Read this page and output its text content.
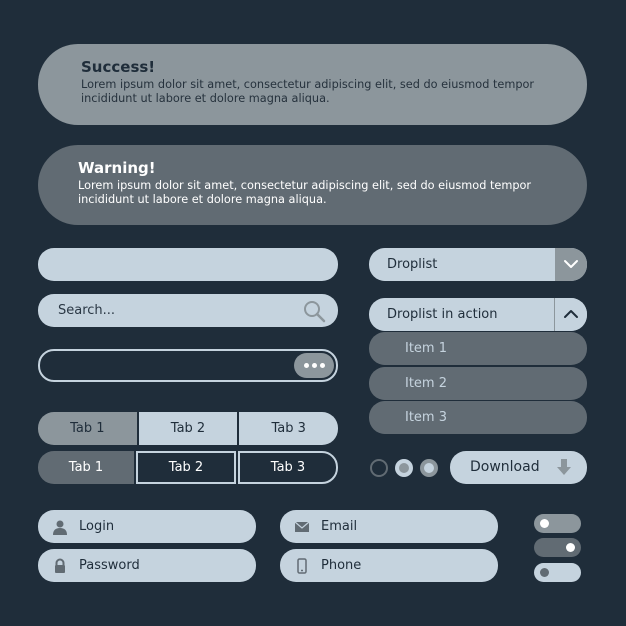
Success!
Lorem ipsum dolor sit amet, consectetur adipiscing elit, sed do eiusmod tempor incididunt ut labore et dolore magna aliqua.
Warning!
Lorem ipsum dolor sit amet, consectetur adipiscing elit, sed do eiusmod tempor incididunt ut labore et dolore magna aliqua.
Search...
Tab 1	Tab 2	Tab 3
Tab 1	Tab 2	Tab 3
Droplist
Droplist in action
Item 1
Item 2
Item 3
Download
Login
Password
Email
Phone
